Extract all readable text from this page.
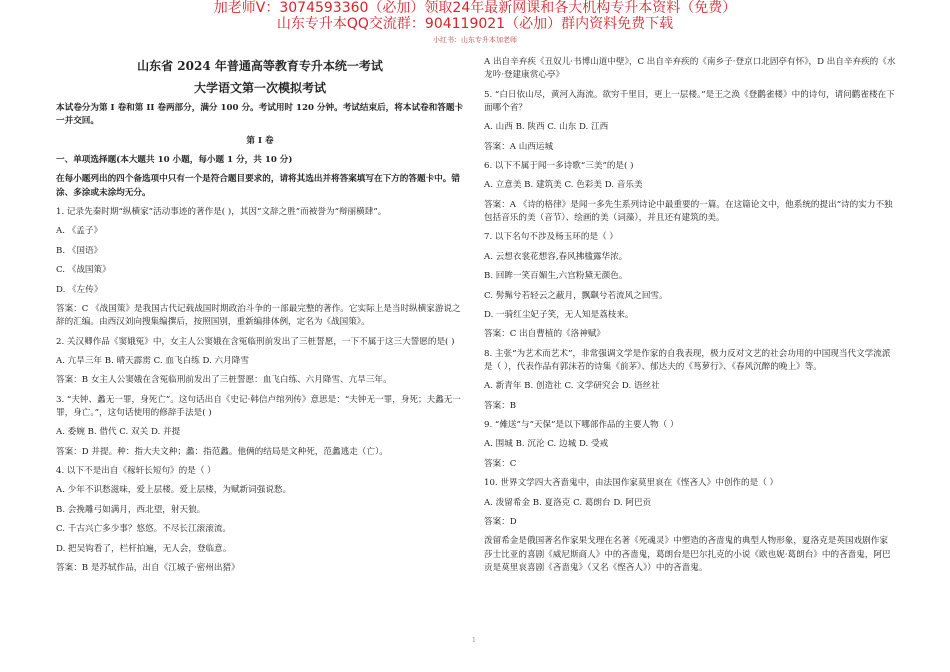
加老师V：3074593360（必加）领取24年最新网课和各大机构专升本资料（免费）
山东专升本QQ交流群：904119021（必加）群内资料免费下载
小红书：山东专升本加老师
山东省 2024 年普通高等教育专升本统一考试
大学语文第一次模拟考试

本试卷分为第 I 卷和第 II 卷两部分，满分 100 分。考试用时 120 分钟。考试结束后，将本试卷和答题卡一并交回。

第 I 卷

一、单项选择题(本大题共 10 小题，每小题 1 分，共 10 分)

在每小题列出的四个备选项中只有一个是符合题目要求的，请将其选出并将答案填写在下方的答题卡中。错涂、多涂或未涂均无分。

1. 记录先秦时期“纵横家”活动事迹的著作是( )，其因“文辞之胜”而被誉为“辩丽横肆”。

A. 《孟子》

B. 《国语》

C. 《战国策》

D. 《左传》

答案：C 《战国策》是我国古代记载战国时期政治斗争的一部最完整的著作。它实际上是当时纵横家游说之辞的汇编。由西汉刘向搜集编撰后，按照国别，重新编排体例，定名为《战国策》。

2. 关汉卿作品《窦娥冤》中，女主人公窦娥在含冤临刑前发出了三桩誓愿，一下不属于这三大誓愿的是( )

A. 亢旱三年 B. 晴天霹雳 C. 血飞白练 D. 六月降雪

答案：B 女主人公窦娥在含冤临刑前发出了三桩誓愿：血飞白练、六月降雪、亢旱三年。

3. “夫钟、蠡无一罪，身死亡”。这句话出自《史记·韩信卢绾列传》意思是：“夫钟无一罪，身死；夫蠡无一罪，身亡。”，这句话使用的修辞手法是( )

A. 委婉 B. 借代 C. 双关 D. 并提

答案：D 并提。种：指大夫文种；蠡：指范蠡。他俩的结局是文种死，范蠡逃走（亡）。

4. 以下不是出自《稼轩长短句》的是（ ）

A. 少年不识愁滋味，爱上层楼。爱上层楼，为赋新词强说愁。

B. 会挽雕弓如满月，西北望，射天狼。

C. 千古兴亡多少事？悠悠。不尽长江滚滚流。

D. 把吴钩看了，栏杆拍遍，无人会，登临意。

答案：B 是苏轼作品，出自《江城子·密州出猎》

A 出自辛弃疾《丑奴儿·书博山道中壁》，C 出自辛弃疾的《南乡子·登京口北固亭有怀》，D 出自辛弃疾的《水龙吟·登建康赏心亭》

5. “白日依山尽，黄河入海流。欲穷千里目，更上一层楼。”是王之涣《登鹳雀楼》中的诗句，请问鹳雀楼在下面哪个省？

A. 山西 B. 陕西 C. 山东 D. 江西

答案：A 山西运城

6. 以下不属于闻一多诗歌“三美”的是( )

A. 立意美 B. 建筑美 C. 色彩美 D. 音乐美

答案：A 《诗的格律》是闻一多先生系列诗论中最重要的一篇。在这篇论文中，他系统的提出“诗的实力不独包括音乐的美（音节）、绘画的美（词藻），并且还有建筑的美。

7. 以下名句不涉及杨玉环的是（ ）

A. 云想衣裳花想容,春风拂槛露华浓。

B. 回眸一笑百媚生,六宫粉黛无颜色。

C. 髣髴兮若轻云之蔽月，飘飖兮若流风之回雪。

D. 一骑红尘妃子笑，无人知是荔枝来。

答案：C 出自曹植的《洛神赋》

8. 主张“为艺术而艺术”，非常强调文学是作家的自我表现，极力反对文艺的社会功用的中国现当代文学流派是（ ），代表作品有郭沫若的诗集《前茅》、郁达夫的《茑萝行》、《春风沉醉的晚上》等。

A. 新青年 B. 创造社 C. 文学研究会 D. 语丝社

答案：B

9. “傩送”与“天保”是以下哪部作品的主要人物（ ）

A. 围城 B. 沉沦 C. 边城 D. 受戒

答案：C

10. 世界文学四大吝啬鬼中，由法国作家莫里哀在《悭吝人》中创作的是（ ）

A. 泼留希金 B. 夏洛克 C. 葛朗台 D. 阿巴贡

答案：D

泼留希金是俄国著名作家果戈理在名著《死魂灵》中塑造的吝啬鬼的典型人物形象，夏洛克是英国戏剧作家莎士比亚的喜剧《威尼斯商人》中的吝啬鬼，葛朗台是巴尔扎克的小说《欧也妮·葛朗台》中的吝啬鬼，阿巴贡是莫里哀喜剧《吝啬鬼》（又名《悭吝人》）中的吝啬鬼。

1
